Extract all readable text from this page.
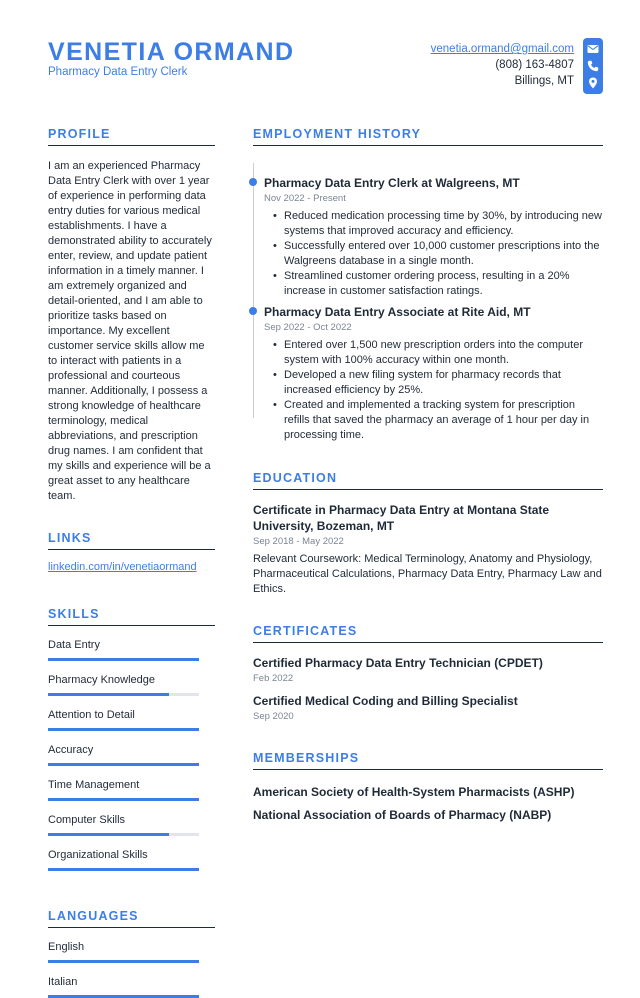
VENETIA ORMAND
Pharmacy Data Entry Clerk
venetia.ormand@gmail.com
(808) 163-4807
Billings, MT
PROFILE
I am an experienced Pharmacy Data Entry Clerk with over 1 year of experience in performing data entry duties for various medical establishments. I have a demonstrated ability to accurately enter, review, and update patient information in a timely manner. I am extremely organized and detail-oriented, and I am able to prioritize tasks based on importance. My excellent customer service skills allow me to interact with patients in a professional and courteous manner. Additionally, I possess a strong knowledge of healthcare terminology, medical abbreviations, and prescription drug names. I am confident that my skills and experience will be a great asset to any healthcare team.
LINKS
linkedin.com/in/venetiaormand
SKILLS
Data Entry
Pharmacy Knowledge
Attention to Detail
Accuracy
Time Management
Computer Skills
Organizational Skills
LANGUAGES
English
Italian
EMPLOYMENT HISTORY
Pharmacy Data Entry Clerk at Walgreens, MT
Nov 2022 - Present
• Reduced medication processing time by 30%, by introducing new systems that improved accuracy and efficiency.
• Successfully entered over 10,000 customer prescriptions into the Walgreens database in a single month.
• Streamlined customer ordering process, resulting in a 20% increase in customer satisfaction ratings.
Pharmacy Data Entry Associate at Rite Aid, MT
Sep 2022 - Oct 2022
• Entered over 1,500 new prescription orders into the computer system with 100% accuracy within one month.
• Developed a new filing system for pharmacy records that increased efficiency by 25%.
• Created and implemented a tracking system for prescription refills that saved the pharmacy an average of 1 hour per day in processing time.
EDUCATION
Certificate in Pharmacy Data Entry at Montana State University, Bozeman, MT
Sep 2018 - May 2022
Relevant Coursework: Medical Terminology, Anatomy and Physiology, Pharmaceutical Calculations, Pharmacy Data Entry, Pharmacy Law and Ethics.
CERTIFICATES
Certified Pharmacy Data Entry Technician (CPDET)
Feb 2022
Certified Medical Coding and Billing Specialist
Sep 2020
MEMBERSHIPS
American Society of Health-System Pharmacists (ASHP)
National Association of Boards of Pharmacy (NABP)
